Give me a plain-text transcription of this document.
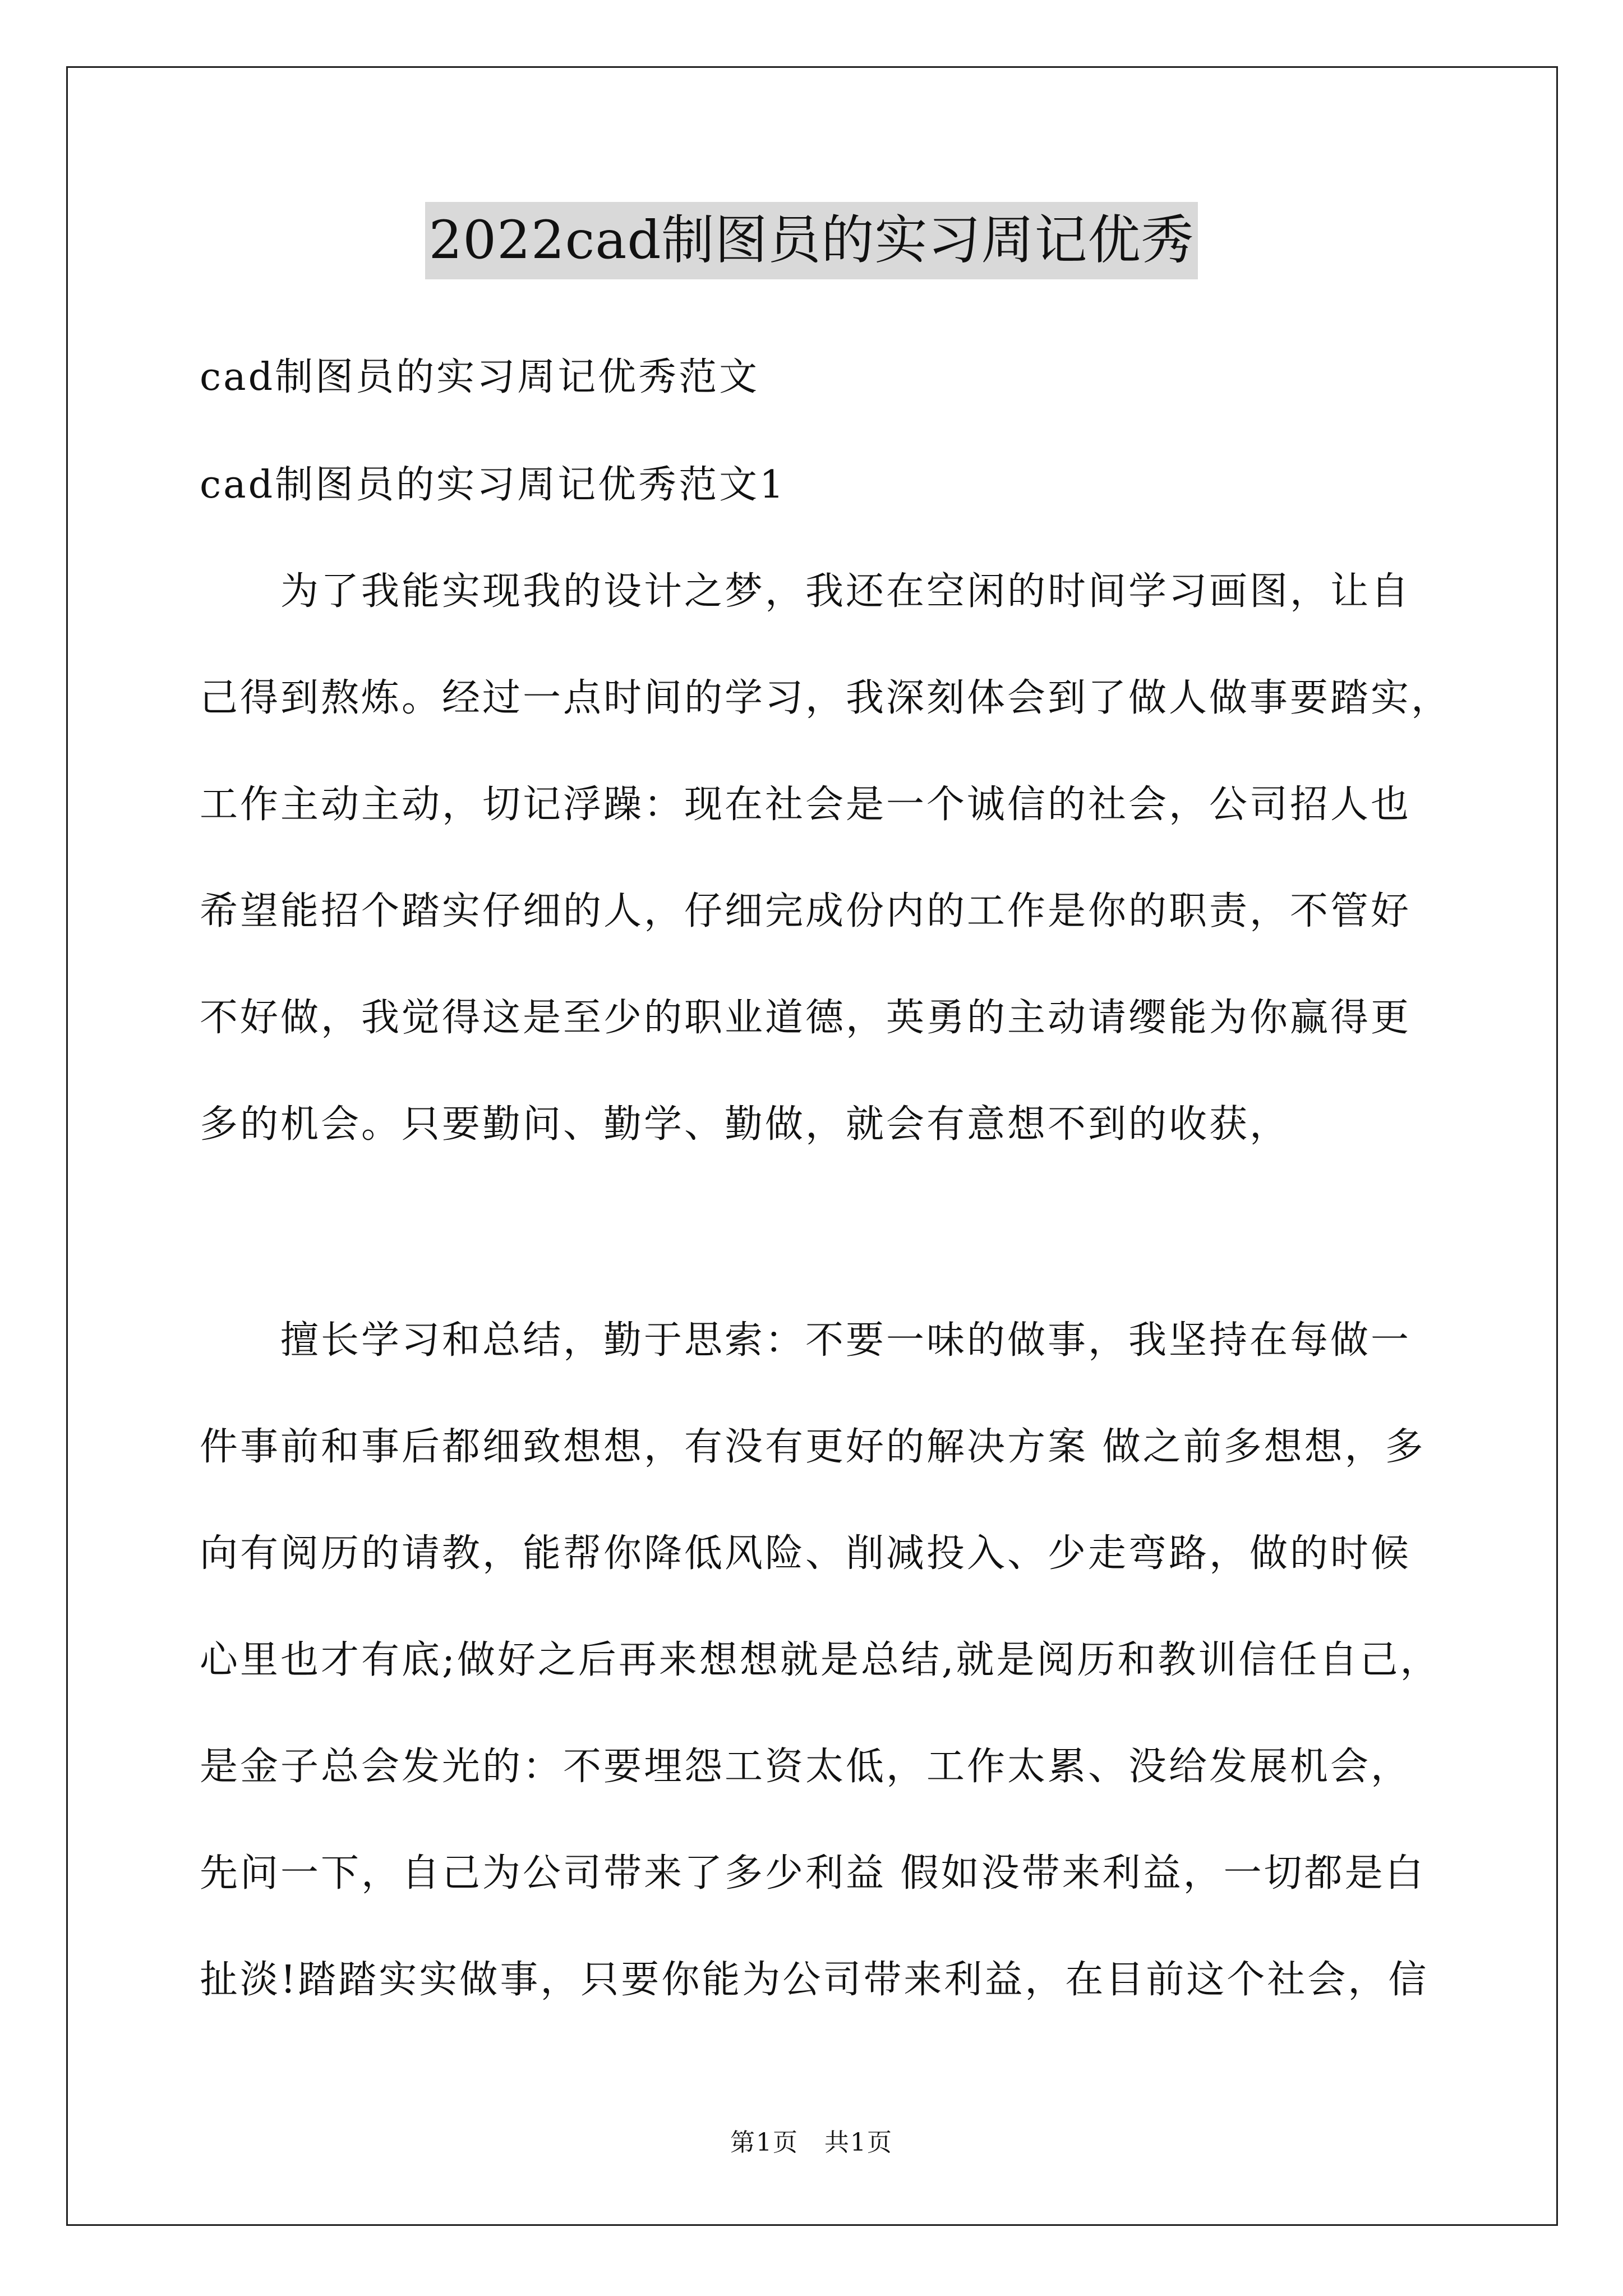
2022cad制图员的实习周记优秀
cad制图员的实习周记优秀范文
cad制图员的实习周记优秀范文1
　　为了我能实现我的设计之梦，我还在空闲的时间学习画图，让自
己得到熬炼。经过一点时间的学习，我深刻体会到了做人做事要踏实，
工作主动主动，切记浮躁：现在社会是一个诚信的社会，公司招人也
希望能招个踏实仔细的人，仔细完成份内的工作是你的职责，不管好
不好做，我觉得这是至少的职业道德，英勇的主动请缨能为你赢得更
多的机会。只要勤问、勤学、勤做，就会有意想不到的收获，
　　擅长学习和总结，勤于思索：不要一味的做事，我坚持在每做一
件事前和事后都细致想想，有没有更好的解决方案 做之前多想想，多
向有阅历的请教，能帮你降低风险、削减投入、少走弯路，做的时候
心里也才有底;做好之后再来想想就是总结,就是阅历和教训信任自己，
是金子总会发光的：不要埋怨工资太低，工作太累、没给发展机会，
先问一下，自己为公司带来了多少利益 假如没带来利益，一切都是白
扯淡!踏踏实实做事，只要你能为公司带来利益，在目前这个社会，信
第1页　共1页
